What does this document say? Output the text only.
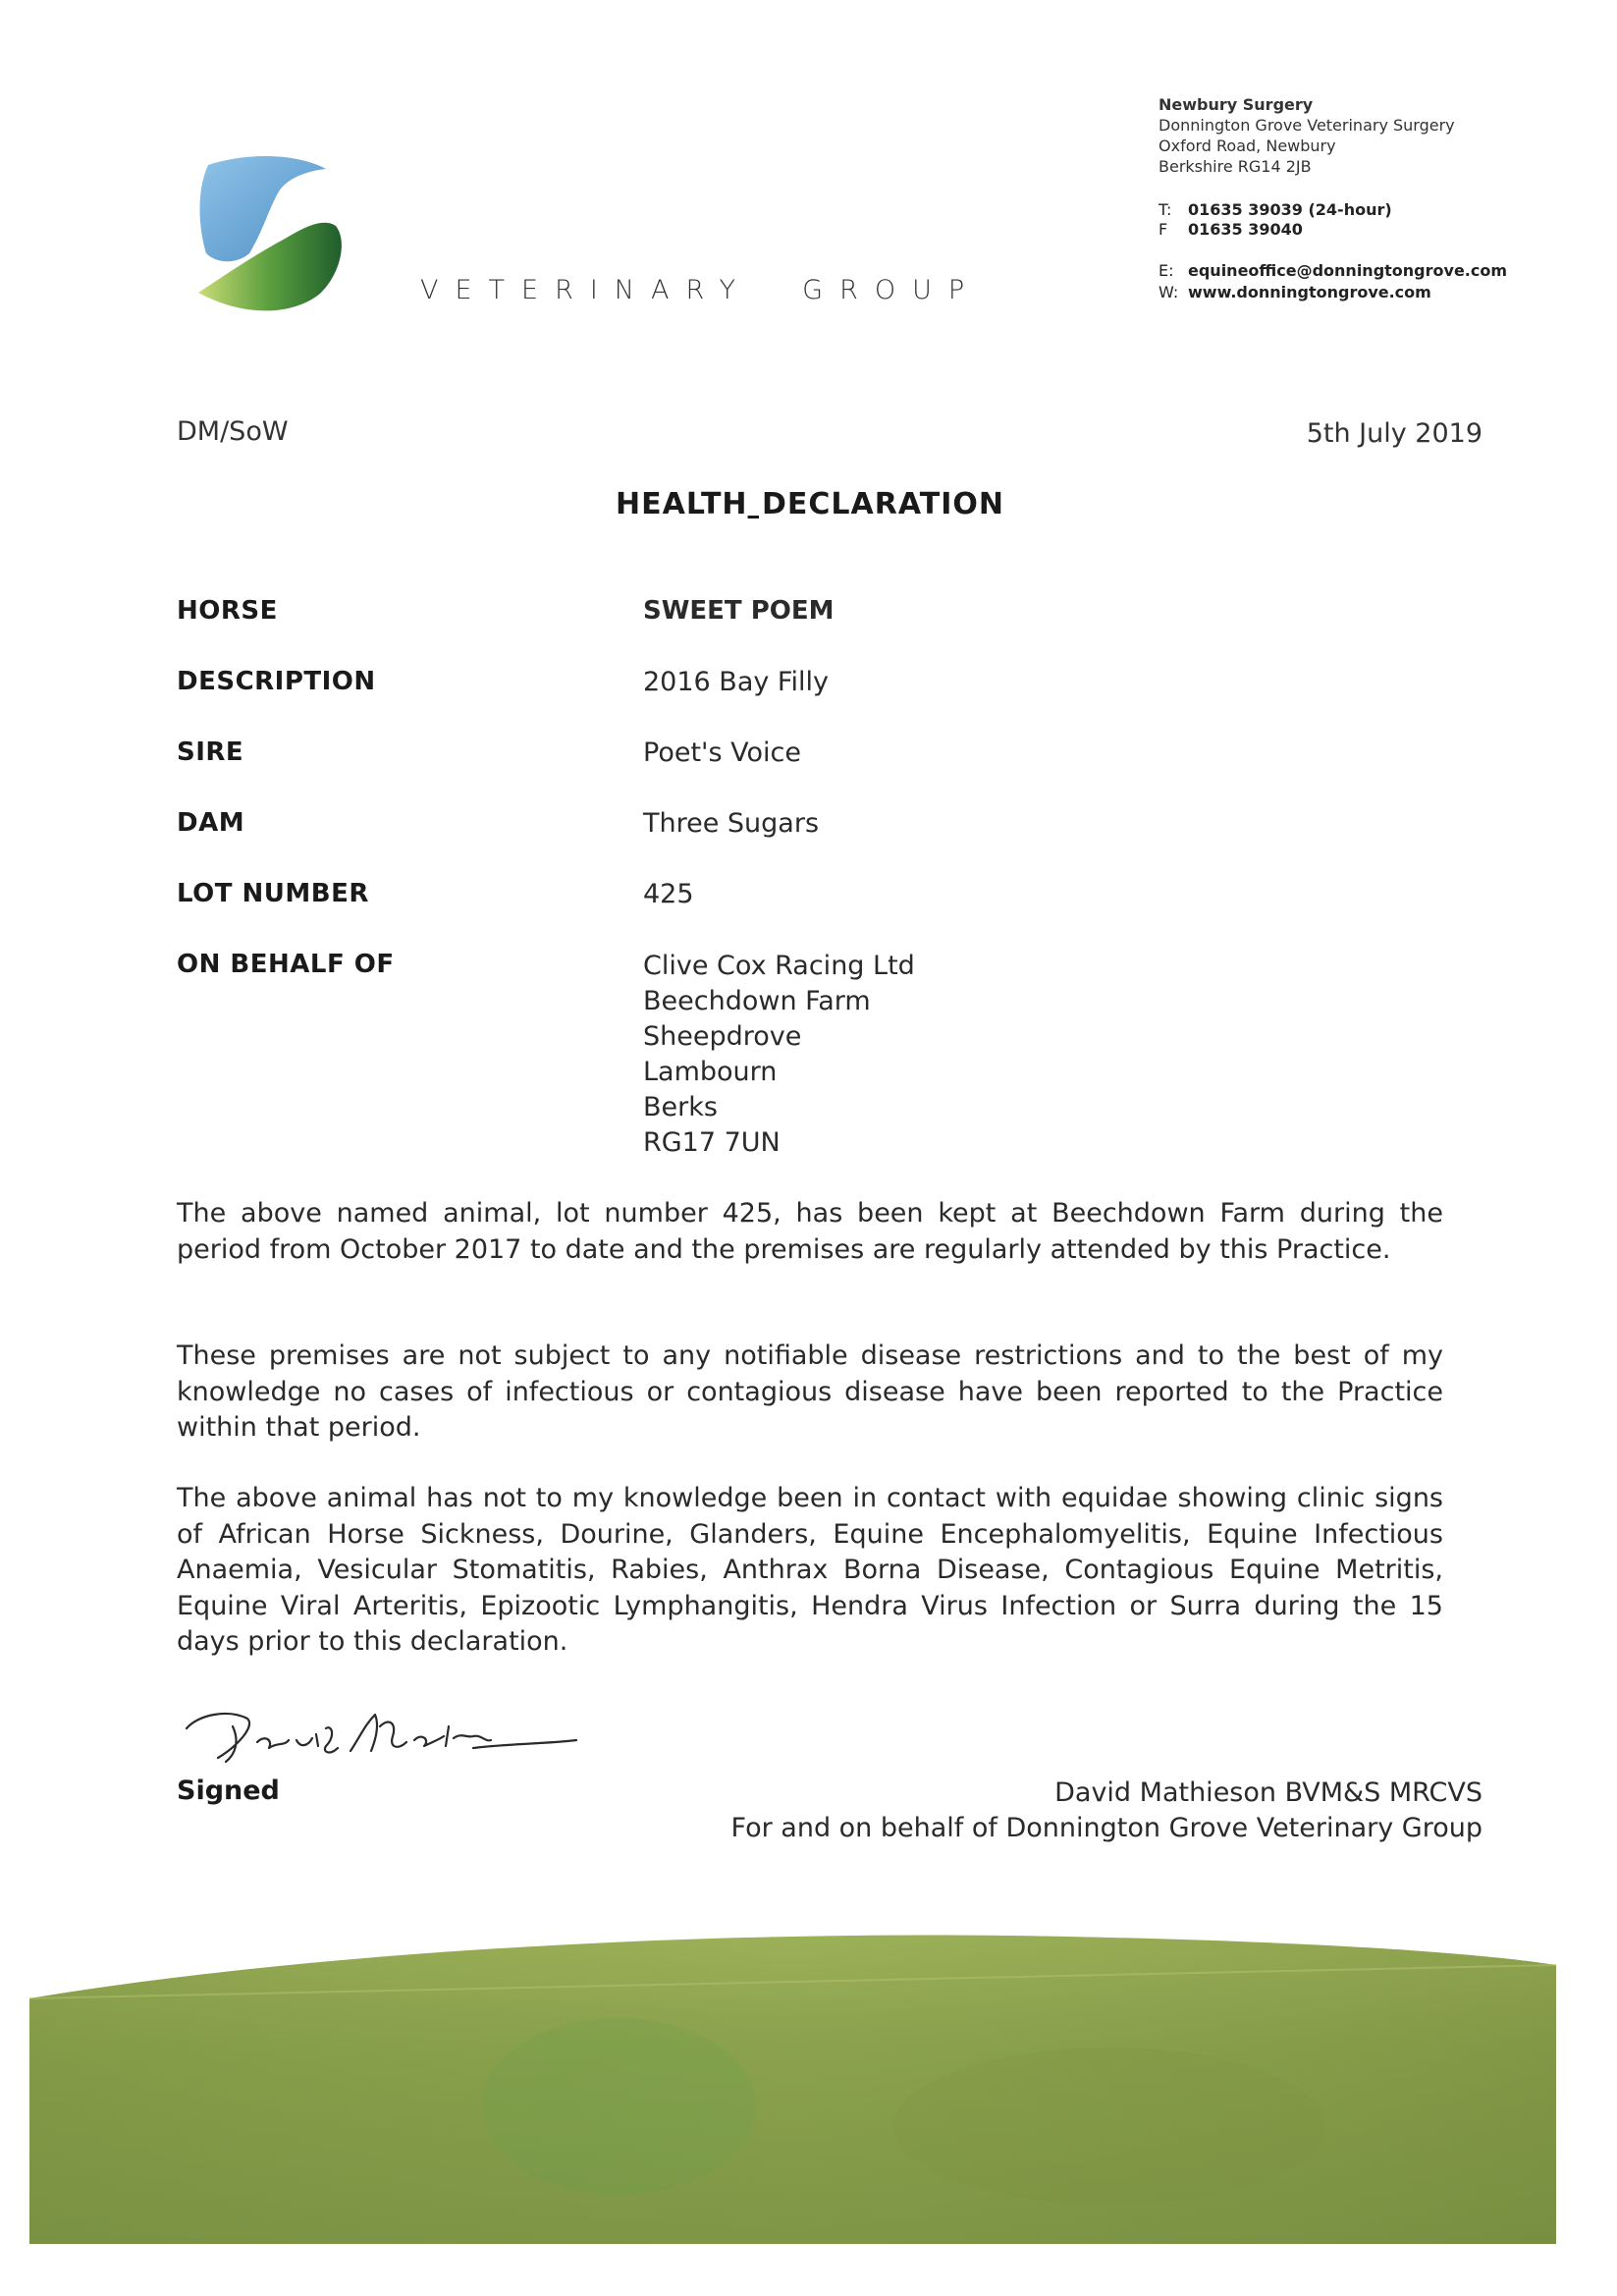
VETERINARY  GROUP
Newbury Surgery
Donnington Grove Veterinary Surgery
Oxford Road, Newbury
Berkshire RG14 2JB
T: 01635 39039 (24-hour)
F 01635 39040
E: equineoffice@donningtongrove.com
W: www.donningtongrove.com
DM/SoW	5th July 2019
HEALTH DECLARATION
HORSE	SWEET POEM
DESCRIPTION	2016 Bay Filly
SIRE	Poet's Voice
DAM	Three Sugars
LOT NUMBER	425
ON BEHALF OF	Clive Cox Racing Ltd
Beechdown Farm
Sheepdrove
Lambourn
Berks
RG17 7UN
The above named animal, lot number 425, has been kept at Beechdown Farm during the period from October 2017 to date and the premises are regularly attended by this Practice.
These premises are not subject to any notifiable disease restrictions and to the best of my knowledge no cases of infectious or contagious disease have been reported to the Practice within that period.
The above animal has not to my knowledge been in contact with equidae showing clinic signs of African Horse Sickness, Dourine, Glanders, Equine Encephalomyelitis, Equine Infectious Anaemia, Vesicular Stomatitis, Rabies, Anthrax Borna Disease, Contagious Equine Metritis, Equine Viral Arteritis, Epizootic Lymphangitis, Hendra Virus Infection or Surra during the 15 days prior to this declaration.
Signed	David Mathieson BVM&S MRCVS
For and on behalf of Donnington Grove Veterinary Group
